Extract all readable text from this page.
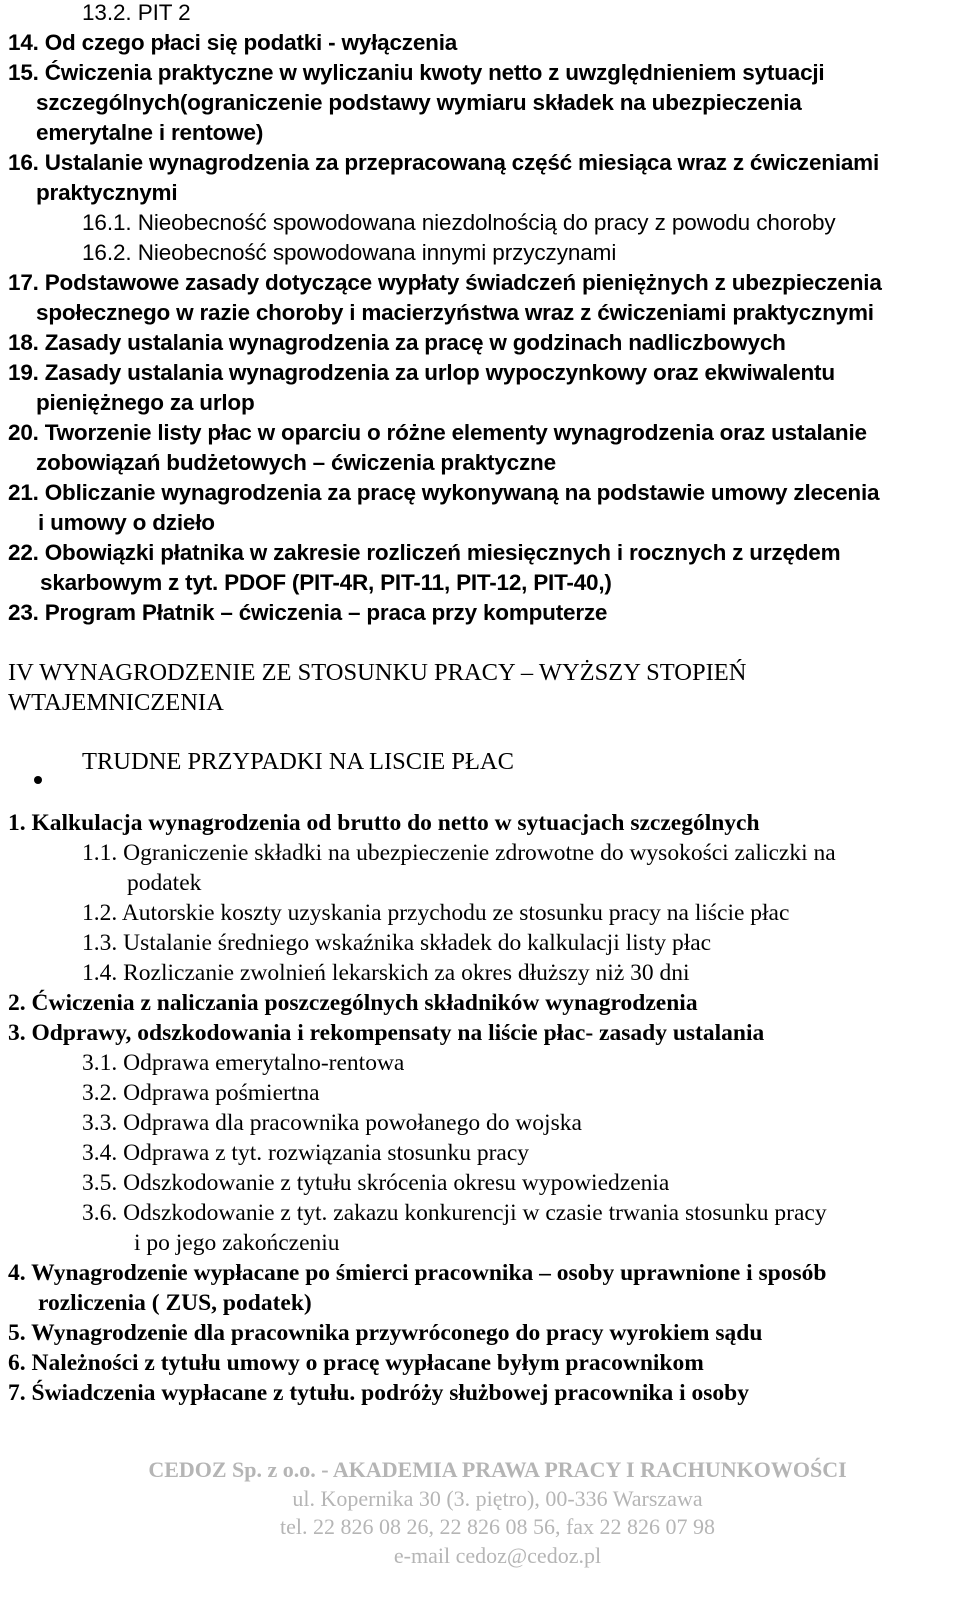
13.2. PIT 2
14. Od czego płaci się podatki - wyłączenia
15. Ćwiczenia praktyczne w wyliczaniu kwoty netto z uwzględnieniem sytuacji
szczególnych(ograniczenie podstawy wymiaru składek na ubezpieczenia
emerytalne i rentowe)
16. Ustalanie wynagrodzenia za przepracowaną część miesiąca wraz z ćwiczeniami
praktycznymi
16.1. Nieobecność spowodowana niezdolnością do pracy z powodu choroby
16.2. Nieobecność spowodowana innymi przyczynami
17. Podstawowe zasady dotyczące wypłaty świadczeń pieniężnych z ubezpieczenia
społecznego w razie choroby i macierzyństwa wraz z ćwiczeniami praktycznymi
18. Zasady ustalania wynagrodzenia za pracę w godzinach nadliczbowych
19. Zasady ustalania wynagrodzenia za urlop wypoczynkowy oraz ekwiwalentu
pieniężnego za urlop
20. Tworzenie listy płac w oparciu o różne elementy wynagrodzenia oraz ustalanie
zobowiązań budżetowych – ćwiczenia praktyczne
21. Obliczanie wynagrodzenia za pracę wykonywaną na podstawie umowy zlecenia
i umowy o dzieło
22. Obowiązki płatnika w zakresie rozliczeń miesięcznych i rocznych z urzędem
skarbowym z tyt. PDOF (PIT-4R, PIT-11, PIT-12, PIT-40,)
23. Program Płatnik – ćwiczenia – praca przy komputerze
IV WYNAGRODZENIE ZE STOSUNKU PRACY – WYŻSZY STOPIEŃ
WTAJEMNICZENIA
TRUDNE PRZYPADKI NA LISCIE PŁAC
1. Kalkulacja wynagrodzenia od brutto do netto w sytuacjach szczególnych
1.1. Ograniczenie składki na ubezpieczenie zdrowotne do wysokości zaliczki na
podatek
1.2. Autorskie koszty uzyskania przychodu ze stosunku pracy na liście płac
1.3. Ustalanie średniego wskaźnika składek do kalkulacji listy płac
1.4. Rozliczanie zwolnień lekarskich za okres dłuższy niż 30 dni
2. Ćwiczenia z naliczania poszczególnych składników wynagrodzenia
3. Odprawy, odszkodowania i rekompensaty na liście płac- zasady ustalania
3.1. Odprawa emerytalno-rentowa
3.2. Odprawa pośmiertna
3.3. Odprawa dla pracownika powołanego do wojska
3.4. Odprawa z tyt. rozwiązania stosunku pracy
3.5. Odszkodowanie z tytułu skrócenia okresu wypowiedzenia
3.6. Odszkodowanie z tyt. zakazu konkurencji w czasie trwania stosunku pracy
i po jego zakończeniu
4. Wynagrodzenie wypłacane po śmierci pracownika – osoby uprawnione i sposób
rozliczenia ( ZUS, podatek)
5. Wynagrodzenie dla pracownika przywróconego do pracy wyrokiem sądu
6. Należności z tytułu umowy o pracę wypłacane byłym pracownikom
7. Świadczenia wypłacane z tytułu. podróży służbowej pracownika i osoby
CEDOZ Sp. z o.o. - AKADEMIA PRAWA PRACY I RACHUNKOWOŚCI
ul. Kopernika 30 (3. piętro), 00-336 Warszawa
tel. 22 826 08 26, 22 826 08 56, fax 22 826 07 98
e-mail cedoz@cedoz.pl
